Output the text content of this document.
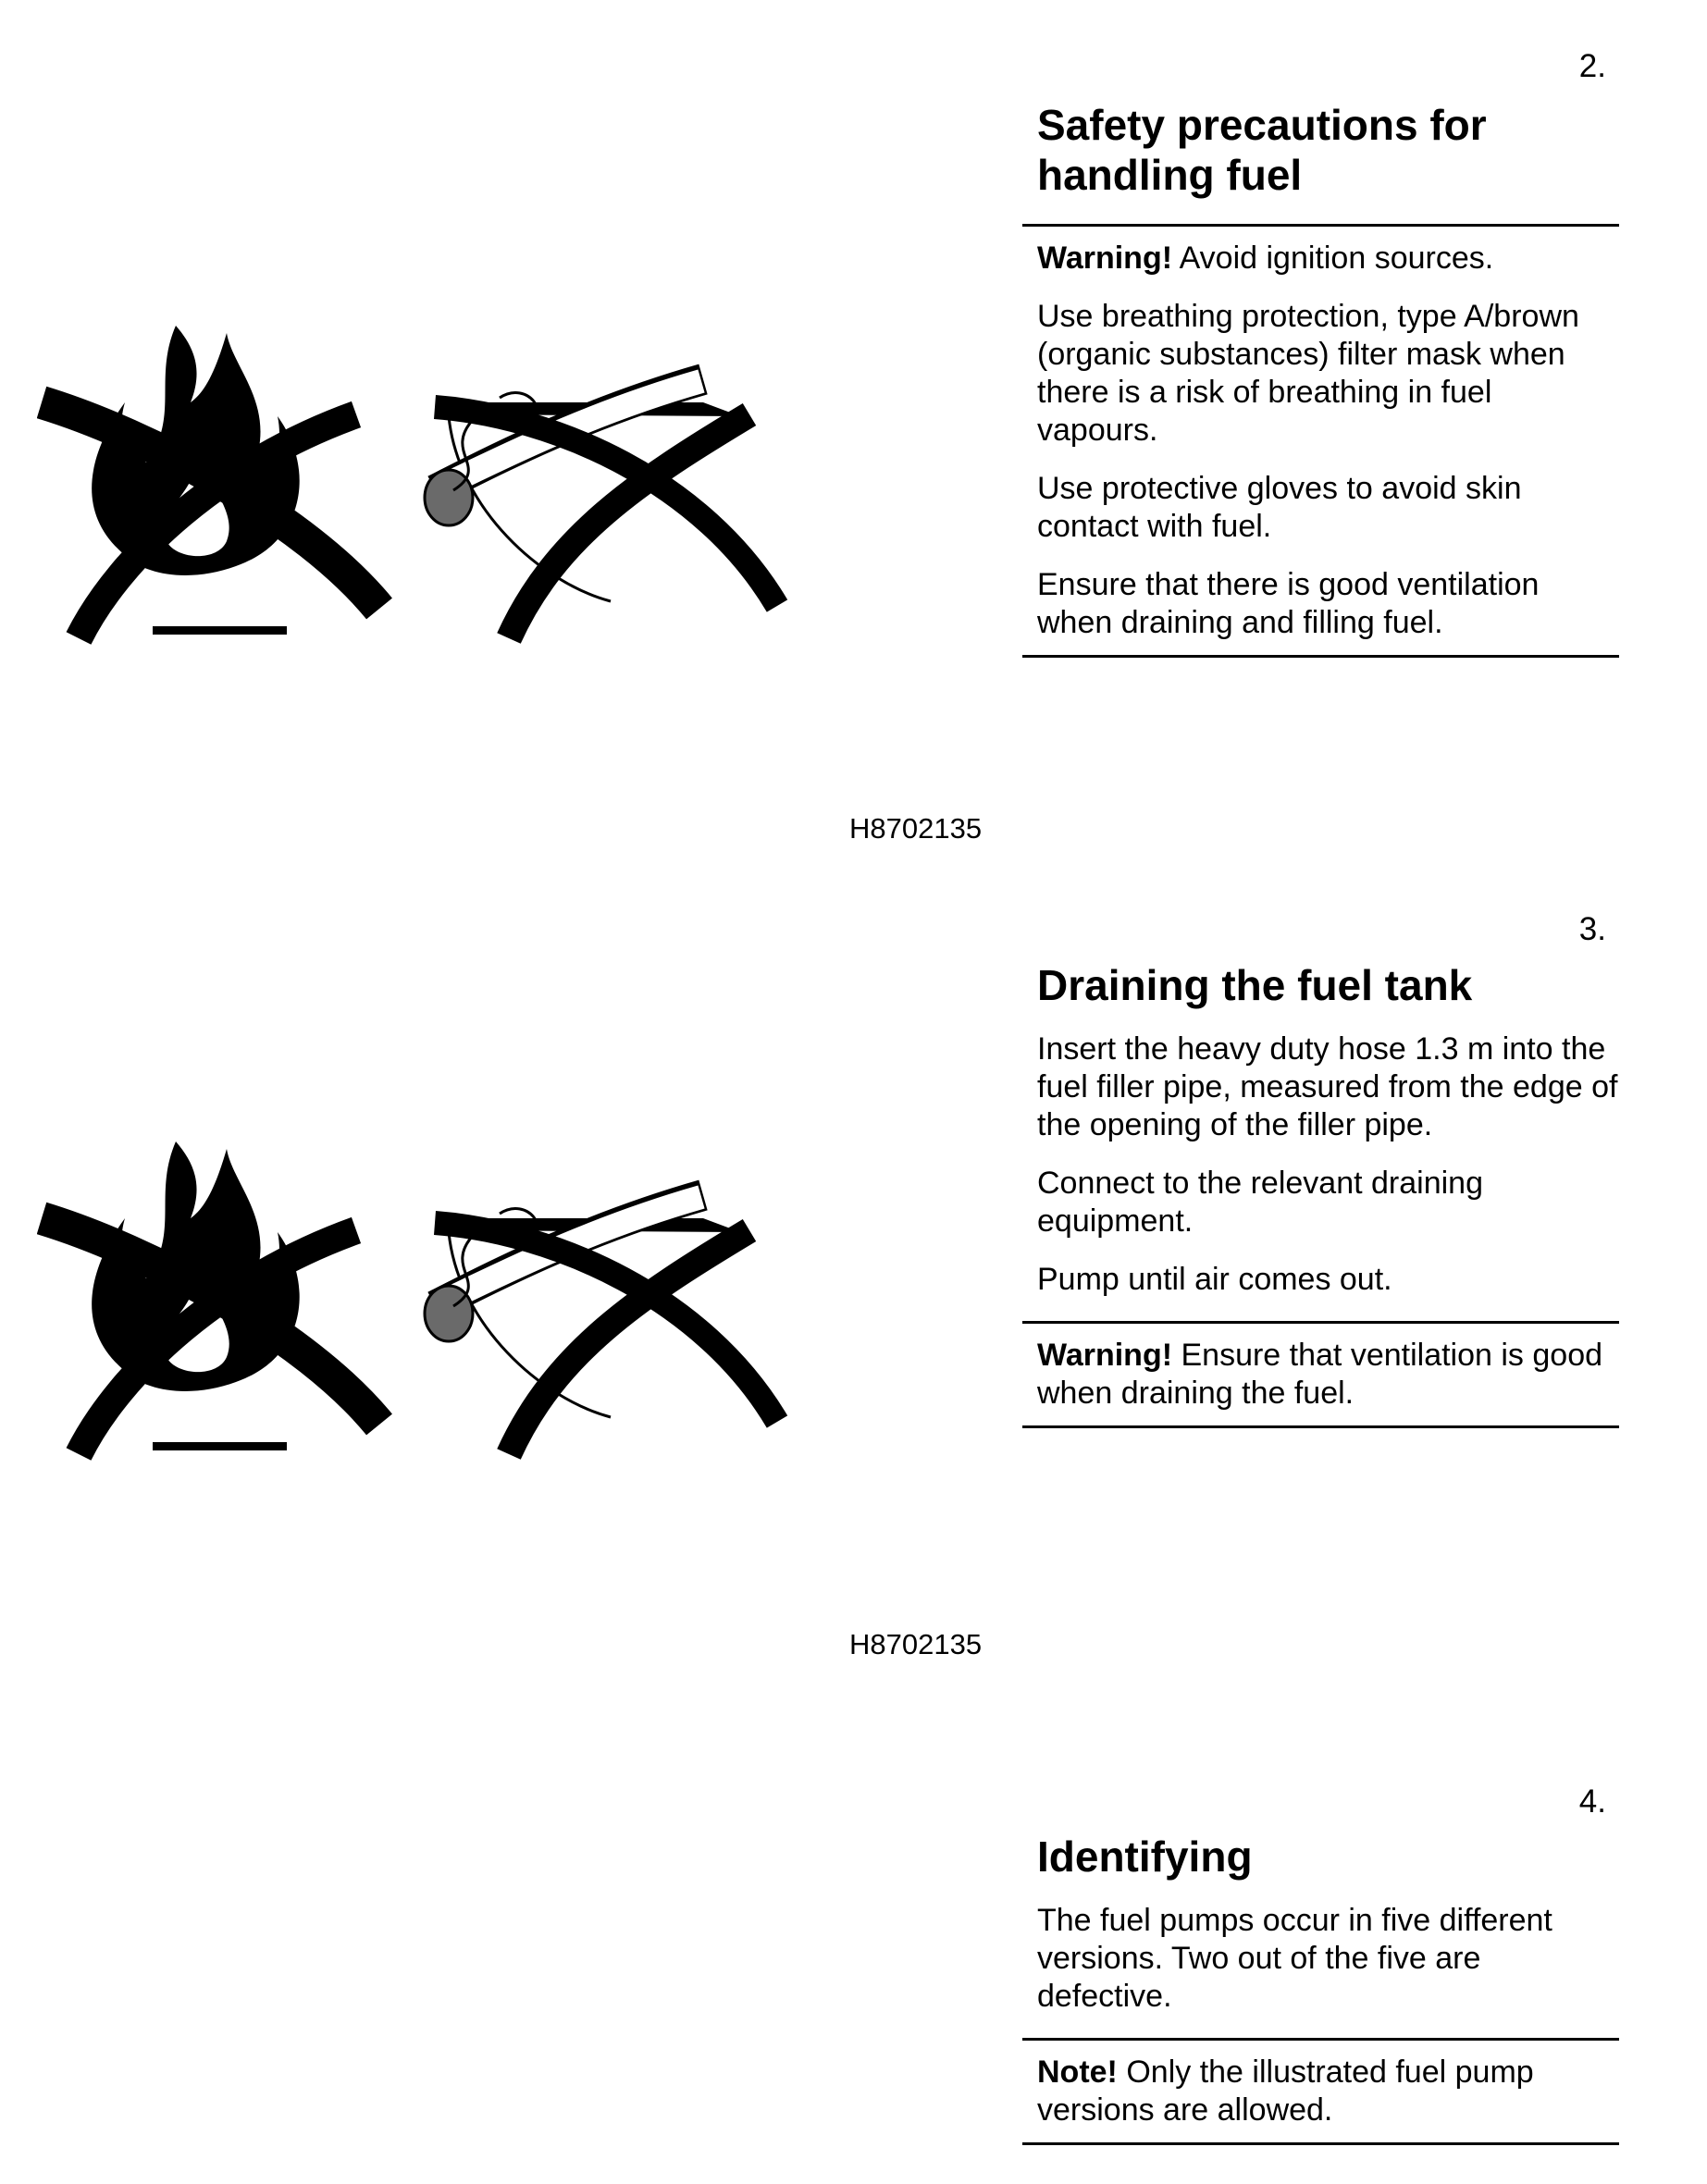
2.
H8702135
Safety precautions for
handling fuel

Warning! Avoid ignition sources.

Use breathing protection, type A/brown (organic substances) filter mask when there is a risk of breathing in fuel vapours.

Use protective gloves to avoid skin contact with fuel.

Ensure that there is good ventilation when draining and filling fuel.

3.
H8702135
Draining the fuel tank

Insert the heavy duty hose 1.3 m into the fuel filler pipe, measured from the edge of the opening of the filler pipe.

Connect to the relevant draining equipment.

Pump until air comes out.

Warning! Ensure that ventilation is good when draining the fuel.

4.
Identifying

The fuel pumps occur in five different versions. Two out of the five are defective.

Note! Only the illustrated fuel pump versions are allowed.
